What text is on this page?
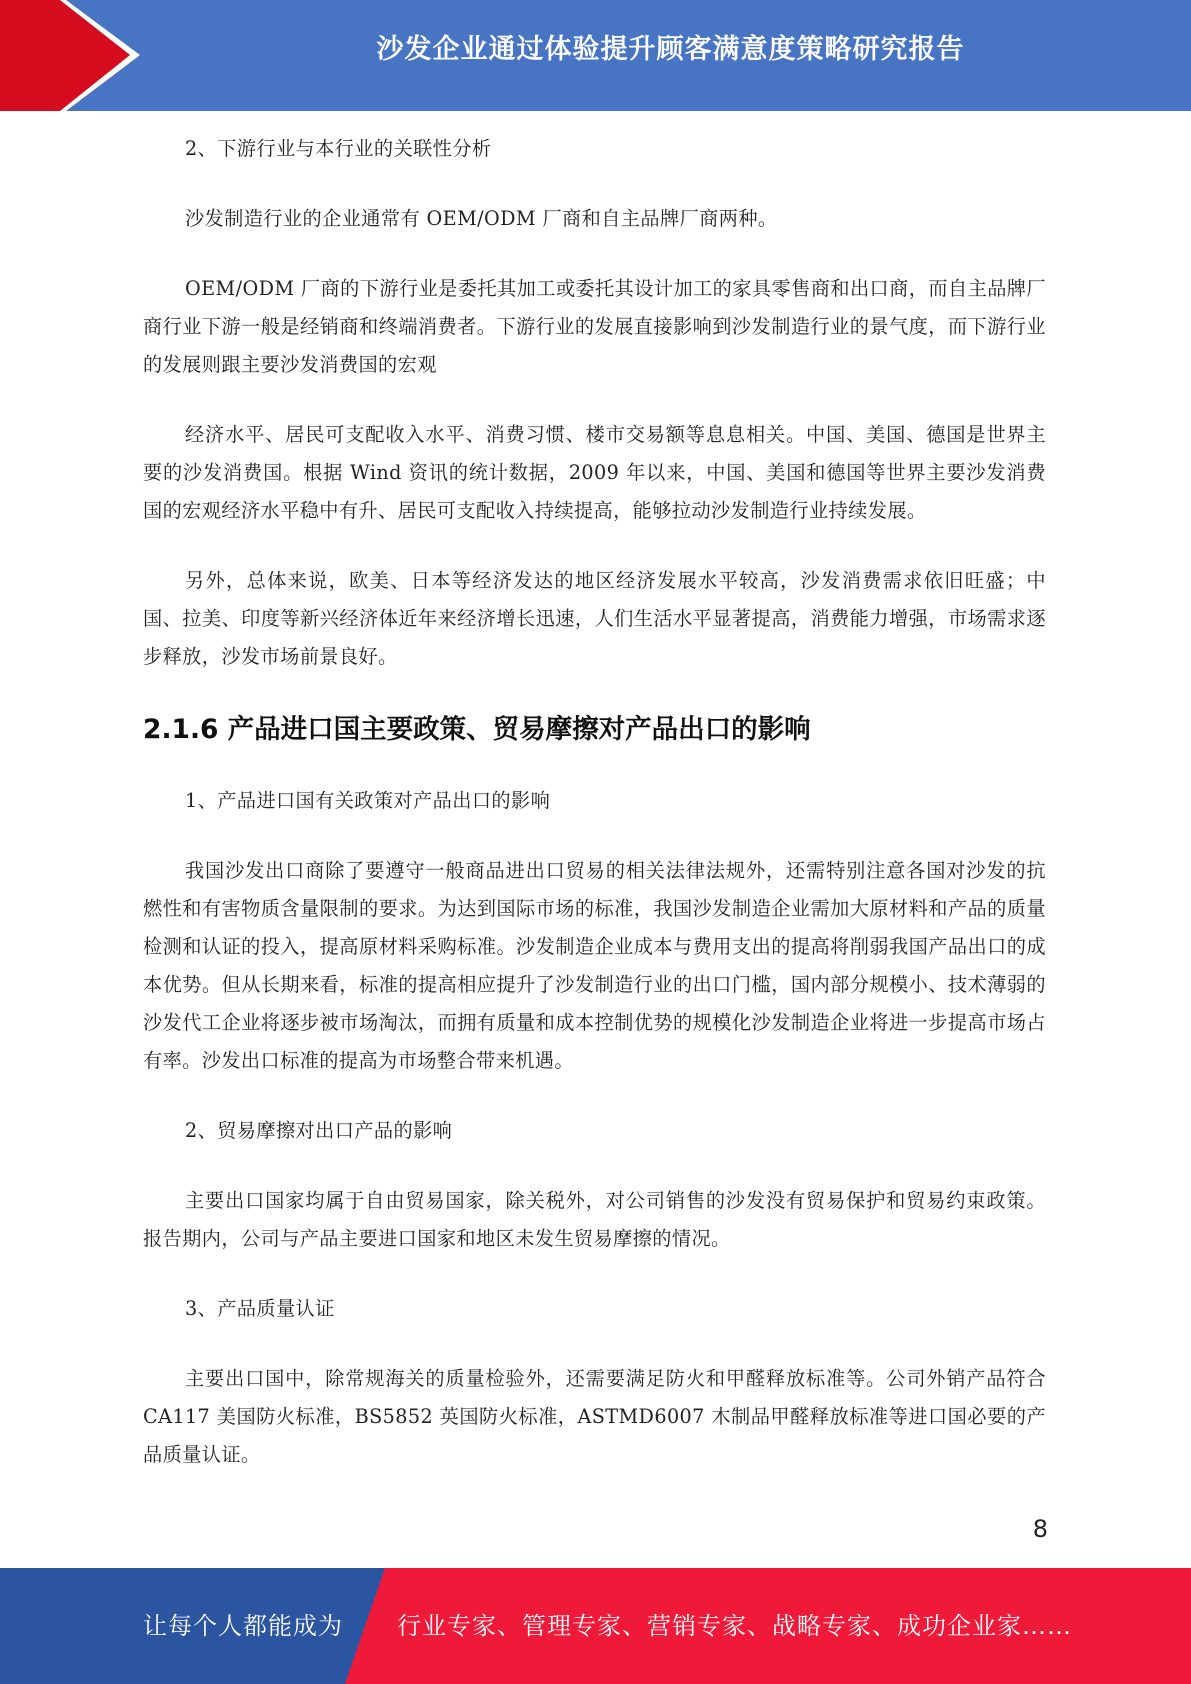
沙发企业通过体验提升顾客满意度策略研究报告

2、下游行业与本行业的关联性分析

沙发制造行业的企业通常有 OEM/ODM 厂商和自主品牌厂商两种。

OEM/ODM 厂商的下游行业是委托其加工或委托其设计加工的家具零售商和出口商，而自主品牌厂商行业下游一般是经销商和终端消费者。下游行业的发展直接影响到沙发制造行业的景气度，而下游行业的发展则跟主要沙发消费国的宏观

经济水平、居民可支配收入水平、消费习惯、楼市交易额等息息相关。中国、美国、德国是世界主要的沙发消费国。根据 Wind 资讯的统计数据，2009 年以来，中国、美国和德国等世界主要沙发消费国的宏观经济水平稳中有升、居民可支配收入持续提高，能够拉动沙发制造行业持续发展。

另外，总体来说，欧美、日本等经济发达的地区经济发展水平较高，沙发消费需求依旧旺盛；中国、拉美、印度等新兴经济体近年来经济增长迅速，人们生活水平显著提高，消费能力增强，市场需求逐步释放，沙发市场前景良好。

2.1.6 产品进口国主要政策、贸易摩擦对产品出口的影响

1、产品进口国有关政策对产品出口的影响

我国沙发出口商除了要遵守一般商品进出口贸易的相关法律法规外，还需特别注意各国对沙发的抗燃性和有害物质含量限制的要求。为达到国际市场的标准，我国沙发制造企业需加大原材料和产品的质量检测和认证的投入，提高原材料采购标准。沙发制造企业成本与费用支出的提高将削弱我国产品出口的成本优势。但从长期来看，标准的提高相应提升了沙发制造行业的出口门槛，国内部分规模小、技术薄弱的沙发代工企业将逐步被市场淘汰，而拥有质量和成本控制优势的规模化沙发制造企业将进一步提高市场占有率。沙发出口标准的提高为市场整合带来机遇。

2、贸易摩擦对出口产品的影响

主要出口国家均属于自由贸易国家，除关税外，对公司销售的沙发没有贸易保护和贸易约束政策。报告期内，公司与产品主要进口国家和地区未发生贸易摩擦的情况。

3、产品质量认证

主要出口国中，除常规海关的质量检验外，还需要满足防火和甲醛释放标准等。公司外销产品符合 CA117 美国防火标准，BS5852 英国防火标准，ASTMD6007 木制品甲醛释放标准等进口国必要的产品质量认证。

8
让每个人都能成为 行业专家、管理专家、营销专家、战略专家、成功企业家……
